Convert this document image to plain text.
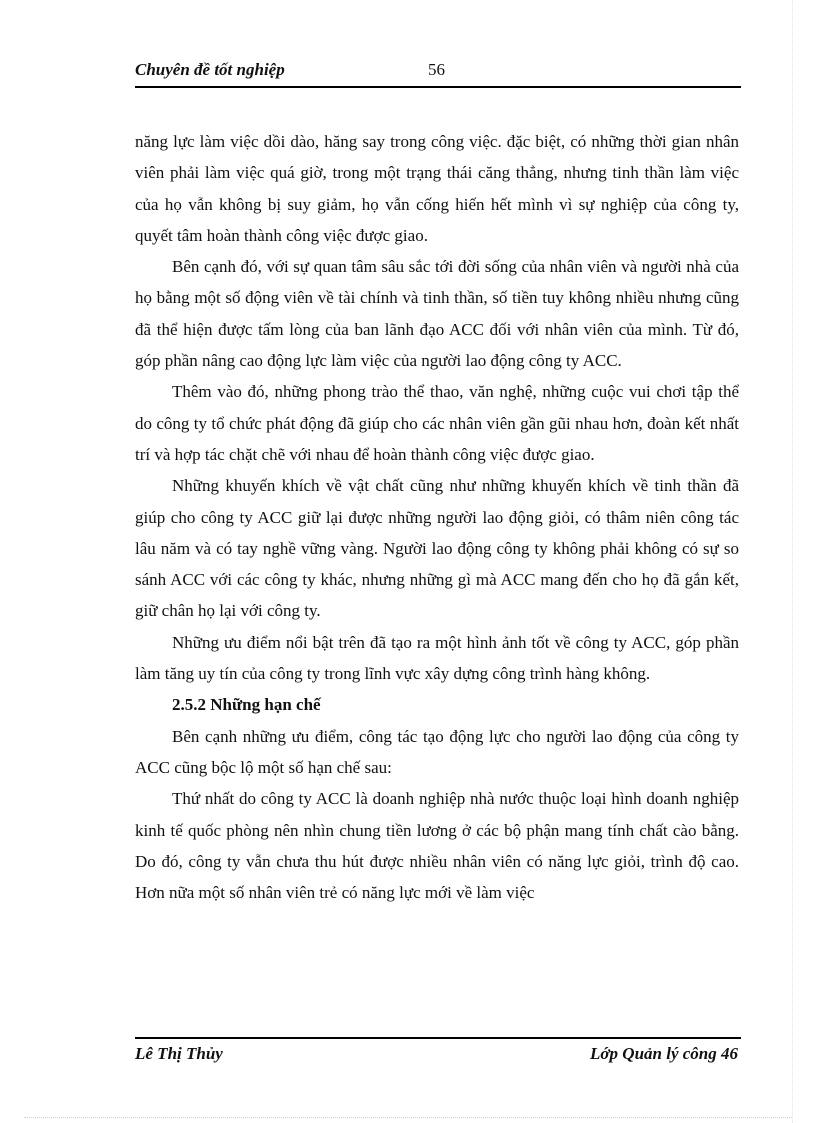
Chuyên đề tốt nghiệp	56

năng lực làm việc dồi dào, hăng say trong công việc. đặc biệt, có những thời gian nhân viên phải làm việc quá giờ, trong một trạng thái căng thẳng, nhưng tinh thần làm việc của họ vẫn không bị suy giảm, họ vẫn cống hiến hết mình vì sự nghiệp của công ty, quyết tâm hoàn thành công việc được giao.

Bên cạnh đó, với sự quan tâm sâu sắc tới đời sống của nhân viên và người nhà của họ bằng một số động viên về tài chính và tinh thần, số tiền tuy không nhiều nhưng cũng đã thể hiện được tấm lòng của ban lãnh đạo ACC đối với nhân viên của mình. Từ đó, góp phần nâng cao động lực làm việc của người lao động công ty ACC.

Thêm vào đó, những phong trào thể thao, văn nghệ, những cuộc vui chơi tập thể do công ty tổ chức phát động đã giúp cho các nhân viên gần gũi nhau hơn, đoàn kết nhất trí và hợp tác chặt chẽ với nhau để hoàn thành công việc được giao.

Những khuyến khích về vật chất cũng như những khuyến khích về tinh thần đã giúp cho công ty ACC giữ lại được những người lao động giỏi, có thâm niên công tác lâu năm và có tay nghề vững vàng. Người lao động công ty không phải không có sự so sánh ACC với các công ty khác, nhưng những gì mà ACC mang đến cho họ đã gắn kết, giữ chân họ lại với công ty.

Những ưu điểm nổi bật trên đã tạo ra một hình ảnh tốt về công ty ACC, góp phần làm tăng uy tín của công ty trong lĩnh vực xây dựng công trình hàng không.

2.5.2 Những hạn chế

Bên cạnh những ưu điểm, công tác tạo động lực cho người lao động của công ty ACC cũng bộc lộ một số hạn chế sau:

Thứ nhất do công ty ACC là doanh nghiệp nhà nước thuộc loại hình doanh nghiệp kinh tế quốc phòng nên nhìn chung tiền lương ở các bộ phận mang tính chất cào bằng. Do đó, công ty vẫn chưa thu hút được nhiều nhân viên có năng lực giỏi, trình độ cao. Hơn nữa một số nhân viên trẻ có năng lực mới về làm việc

Lê Thị Thủy	Lớp Quản lý công 46
